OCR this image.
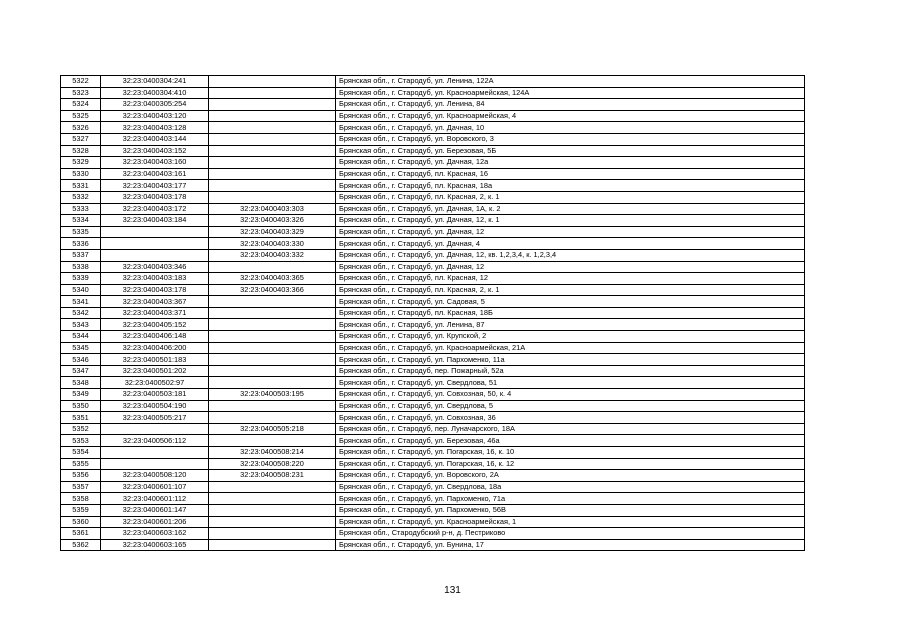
5322	32:23:0400304:241		Брянская обл., г. Стародуб, ул. Ленина, 122А
5323	32:23:0400304:410		Брянская обл., г. Стародуб, ул. Красноармейская, 124А
5324	32:23:0400305:254		Брянская обл., г. Стародуб, ул. Ленина, 84
5325	32:23:0400403:120		Брянская обл., г. Стародуб, ул. Красноармейская, 4
5326	32:23:0400403:128		Брянская обл., г. Стародуб, ул. Дачная, 10
5327	32:23:0400403:144		Брянская обл., г. Стародуб, ул. Воровского, 3
5328	32:23:0400403:152		Брянская обл., г. Стародуб, ул. Березовая, 5Б
5329	32:23:0400403:160		Брянская обл., г. Стародуб, ул. Дачная, 12а
5330	32:23:0400403:161		Брянская обл., г. Стародуб, пл. Красная, 16
5331	32:23:0400403:177		Брянская обл., г. Стародуб, пл. Красная, 18а
5332	32:23:0400403:178		Брянская обл., г. Стародуб, пл. Красная, 2, к. 1
5333	32:23:0400403:172	32:23:0400403:303	Брянская обл., г. Стародуб, ул. Дачная, 1А, к. 2
5334	32:23:0400403:184	32:23:0400403:326	Брянская обл., г. Стародуб, ул. Дачная, 12, к. 1
5335		32:23:0400403:329	Брянская обл., г. Стародуб, ул. Дачная, 12
5336		32:23:0400403:330	Брянская обл., г. Стародуб, ул. Дачная, 4
5337		32:23:0400403:332	Брянская обл., г. Стародуб, ул. Дачная, 12, кв. 1,2,3,4, к. 1,2,3,4
5338	32:23:0400403:346		Брянская обл., г. Стародуб, ул. Дачная, 12
5339	32:23:0400403:183	32:23:0400403:365	Брянская обл., г. Стародуб, пл. Красная, 12
5340	32:23:0400403:178	32:23:0400403:366	Брянская обл., г. Стародуб, пл. Красная, 2, к. 1
5341	32:23:0400403:367		Брянская обл., г. Стародуб, ул. Садовая, 5
5342	32:23:0400403:371		Брянская обл., г. Стародуб, пл. Красная, 18Б
5343	32:23:0400405:152		Брянская обл., г. Стародуб, ул. Ленина, 87
5344	32:23:0400406:148		Брянская обл., г. Стародуб, ул. Крупской, 2
5345	32:23:0400406:200		Брянская обл., г. Стародуб, ул. Красноармейская, 21А
5346	32:23:0400501:183		Брянская обл., г. Стародуб, ул. Пархоменко, 11а
5347	32:23:0400501:202		Брянская обл., г. Стародуб, пер. Пожарный, 52а
5348	32:23:0400502:97		Брянская обл., г. Стародуб, ул. Свердлова, 51
5349	32:23:0400503:181	32:23:0400503:195	Брянская обл., г. Стародуб, ул. Совхозная, 50, к. 4
5350	32:23:0400504:190		Брянская обл., г. Стародуб, ул. Свердлова, 5
5351	32:23:0400505:217		Брянская обл., г. Стародуб, ул. Совхозная, 36
5352		32:23:0400505:218	Брянская обл., г. Стародуб, пер. Луначарского, 18А
5353	32:23:0400506:112		Брянская обл., г. Стародуб, ул. Березовая, 46а
5354		32:23:0400508:214	Брянская обл., г. Стародуб, ул. Погарская, 16, к. 10
5355		32:23:0400508:220	Брянская обл., г. Стародуб, ул. Погарская, 16, к. 12
5356	32:23:0400508:120	32:23:0400508:231	Брянская обл., г. Стародуб, ул. Воровского, 2А
5357	32:23:0400601:107		Брянская обл., г. Стародуб, ул. Свердлова, 18а
5358	32:23:0400601:112		Брянская обл., г. Стародуб, ул. Пархоменко, 71а
5359	32:23:0400601:147		Брянская обл., г. Стародуб, ул. Пархоменко, 56В
5360	32:23:0400601:206		Брянская обл., г. Стародуб, ул. Красноармейская, 1
5361	32:23:0400603:162		Брянская обл., Стародубский р-н, д. Пестриково
5362	32:23:0400603:165		Брянская обл., г. Стародуб, ул. Бунина, 17
131
